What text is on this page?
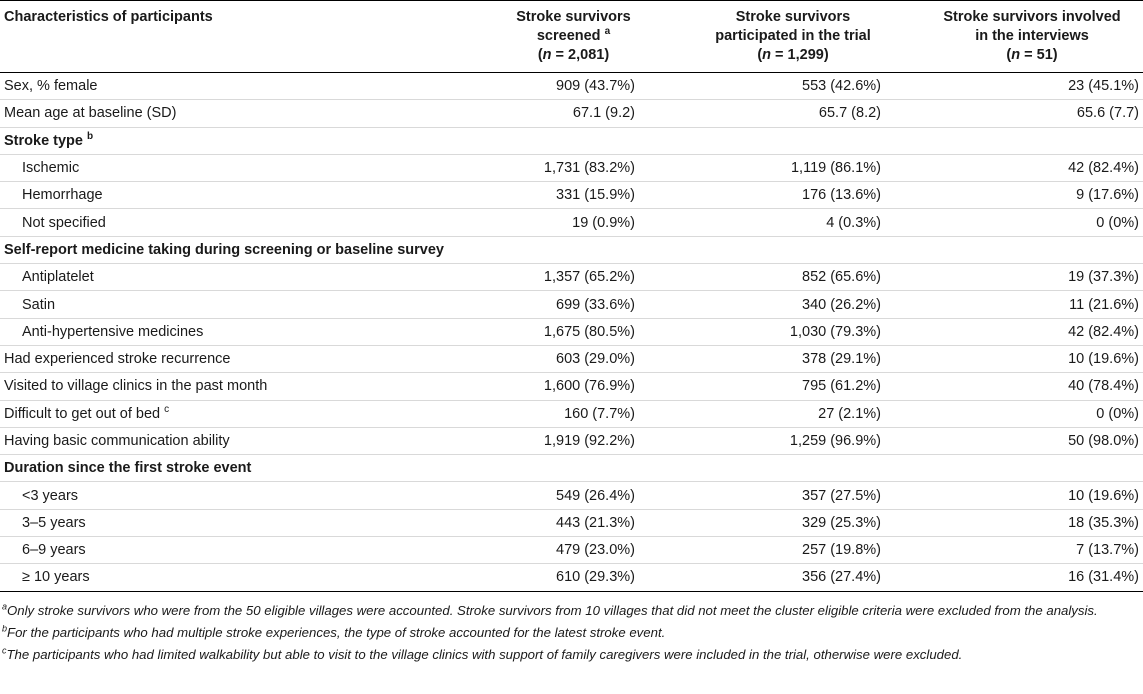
Characteristics of participants	Stroke survivors
screened $^a$
(n = 2,081)	Stroke survivors
participated in the trial
(n = 1,299)	Stroke survivors involved
in the interviews
(n = 51)
Sex, % female	909 (43.7%)	553 (42.6%)	23 (45.1%)
Mean age at baseline (SD)	67.1 (9.2)	65.7 (8.2)	65.6 (7.7)
Stroke type $^b$			
Ischemic	1,731 (83.2%)	1,119 (86.1%)	42 (82.4%)
Hemorrhage	331 (15.9%)	176 (13.6%)	9 (17.6%)
Not specified	19 (0.9%)	4 (0.3%)	0 (0%)
Self-report medicine taking during screening or baseline survey			
Antiplatelet	1,357 (65.2%)	852 (65.6%)	19 (37.3%)
Satin	699 (33.6%)	340 (26.2%)	11 (21.6%)
Anti-hypertensive medicines	1,675 (80.5%)	1,030 (79.3%)	42 (82.4%)
Had experienced stroke recurrence	603 (29.0%)	378 (29.1%)	10 (19.6%)
Visited to village clinics in the past month	1,600 (76.9%)	795 (61.2%)	40 (78.4%)
Difficult to get out of bed $^c$	160 (7.7%)	27 (2.1%)	0 (0%)
Having basic communication ability	1,919 (92.2%)	1,259 (96.9%)	50 (98.0%)
Duration since the first stroke event			
<3 years	549 (26.4%)	357 (27.5%)	10 (19.6%)
3–5 years	443 (21.3%)	329 (25.3%)	18 (35.3%)
6–9 years	479 (23.0%)	257 (19.8%)	7 (13.7%)
≥ 10 years	610 (29.3%)	356 (27.4%)	16 (31.4%)

$^a$Only stroke survivors who were from the 50 eligible villages were accounted. Stroke survivors from 10 villages that did not meet the cluster eligible criteria were excluded from the analysis.

$^b$For the participants who had multiple stroke experiences, the type of stroke accounted for the latest stroke event.

$^c$The participants who had limited walkability but able to visit to the village clinics with support of family caregivers were included in the trial, otherwise were excluded.
